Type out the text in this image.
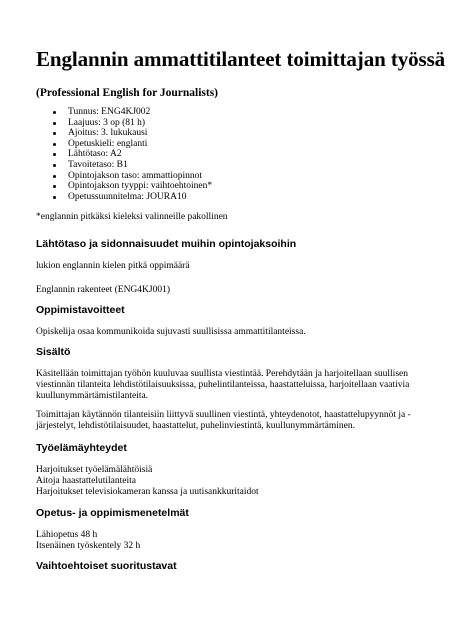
Englannin ammattitilanteet toimittajan työssä

(Professional English for Journalists)

Tunnus: ENG4KJ002
Laajuus: 3 op (81 h)
Ajoitus: 3. lukukausi
Opetuskieli: englanti
Lähtötaso: A2
Tavoitetaso: B1
Opintojakson taso: ammattiopinnot
Opintojakson tyyppi: vaihtoehtoinen*
Opetussuunnitelma: JOURA10

*englannin pitkäksi kieleksi valinneille pakollinen

Lähtötaso ja sidonnaisuudet muihin opintojaksoihin

lukion englannin kielen pitkä oppimäärä

Englannin rakenteet (ENG4KJ001)

Oppimistavoitteet

Opiskelija osaa kommunikoida sujuvasti suullisissa ammattitilanteissa.

Sisältö

Käsitellään toimittajan työhön kuuluvaa suullista viestintää. Perehdytään ja harjoitellaan suullisen

viestinnän tilanteita lehdistötilaisuuksissa, puhelintilanteissa, haastatteluissa, harjoitellaan vaativia

kuullunymmärtämistilanteita.

Toimittajan käytännön tilanteisiin liittyvä suullinen viestintä, yhteydenotot, haastattelupyynnöt ja -

järjestelyt, lehdistötilaisuudet, haastattelut, puhelinviestintä, kuullunymmärtäminen.

Työelämäyhteydet

Harjoitukset työelämälähtöisiä

Aitoja haastattelutilanteita

Harjoitukset televisiokameran kanssa ja uutisankkuritaidot

Opetus- ja oppimismenetelmät

Lähiopetus 48 h

Itsenäinen työskentely 32 h

Vaihtoehtoiset suoritustavat
